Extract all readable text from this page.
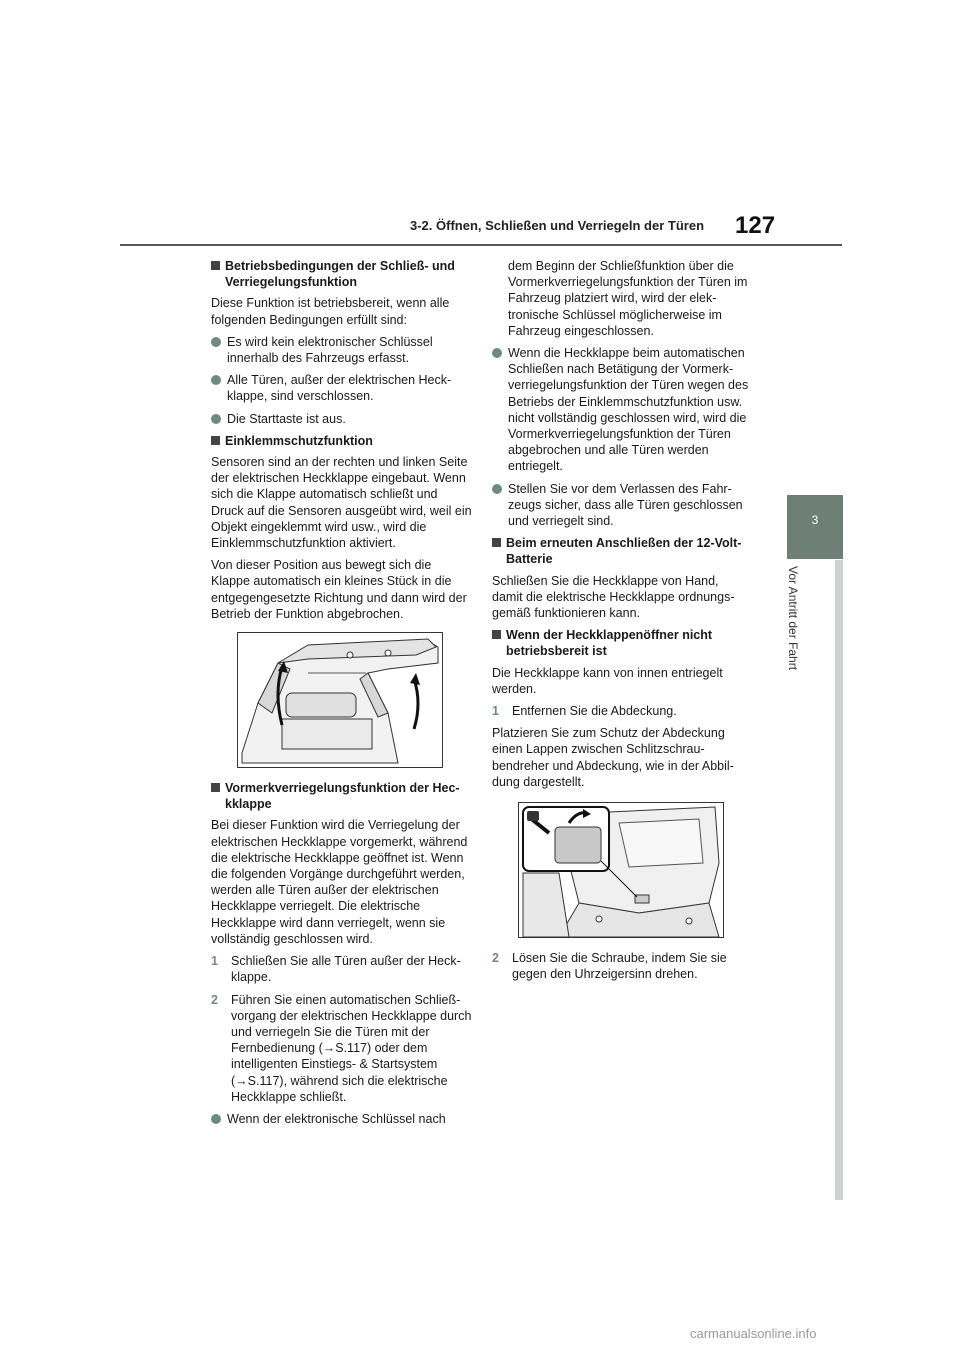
3-2. Öffnen, Schließen und Verriegeln der Türen 127
3
Vor Antritt der Fahrt
Betriebsbedingungen der Schließ- und Verriegelungsfunktion
Diese Funktion ist betriebsbereit, wenn alle folgenden Bedingungen erfüllt sind:
Es wird kein elektronischer Schlüssel innerhalb des Fahrzeugs erfasst.
Alle Türen, außer der elektrischen Heckklappe, sind verschlossen.
Die Starttaste ist aus.
Einklemmschutzfunktion
Sensoren sind an der rechten und linken Seite der elektrischen Heckklappe eingebaut. Wenn sich die Klappe automatisch schließt und Druck auf die Sensoren ausgeübt wird, weil ein Objekt eingeklemmt wird usw., wird die Einklemmschutzfunktion aktiviert.
Von dieser Position aus bewegt sich die Klappe automatisch ein kleines Stück in die entgegengesetzte Richtung und dann wird der Betrieb der Funktion abgebrochen.
Vormerkverriegelungsfunktion der Heckklappe
Bei dieser Funktion wird die Verriegelung der elektrischen Heckklappe vorgemerkt, während die elektrische Heckklappe geöffnet ist. Wenn die folgenden Vorgänge durchgeführt werden, werden alle Türen außer der elektrischen Heckklappe verriegelt. Die elektrische Heckklappe wird dann verriegelt, wenn sie vollständig geschlossen wird.
1 Schließen Sie alle Türen außer der Heckklappe.
2 Führen Sie einen automatischen Schließvorgang der elektrischen Heckklappe durch und verriegeln Sie die Türen mit der Fernbedienung (→S.117) oder dem intelligenten Einstiegs- & Startsystem (→S.117), während sich die elektrische Heckklappe schließt.
Wenn der elektronische Schlüssel nach
dem Beginn der Schließfunktion über die Vormerkverriegelungsfunktion der Türen im Fahrzeug platziert wird, wird der elektronische Schlüssel möglicherweise im Fahrzeug eingeschlossen.
Wenn die Heckklappe beim automatischen Schließen nach Betätigung der Vormerkverriegelungsfunktion der Türen wegen des Betriebs der Einklemmschutzfunktion usw. nicht vollständig geschlossen wird, wird die Vormerkverriegelungsfunktion der Türen abgebrochen und alle Türen werden entriegelt.
Stellen Sie vor dem Verlassen des Fahrzeugs sicher, dass alle Türen geschlossen und verriegelt sind.
Beim erneuten Anschließen der 12-Volt-Batterie
Schließen Sie die Heckklappe von Hand, damit die elektrische Heckklappe ordnungsgemäß funktionieren kann.
Wenn der Heckklappenöffner nicht betriebsbereit ist
Die Heckklappe kann von innen entriegelt werden.
1 Entfernen Sie die Abdeckung.
Platzieren Sie zum Schutz der Abdeckung einen Lappen zwischen Schlitzschraubendreher und Abdeckung, wie in der Abbildung dargestellt.
2 Lösen Sie die Schraube, indem Sie sie gegen den Uhrzeigersinn drehen.
carmanualsonline.info
